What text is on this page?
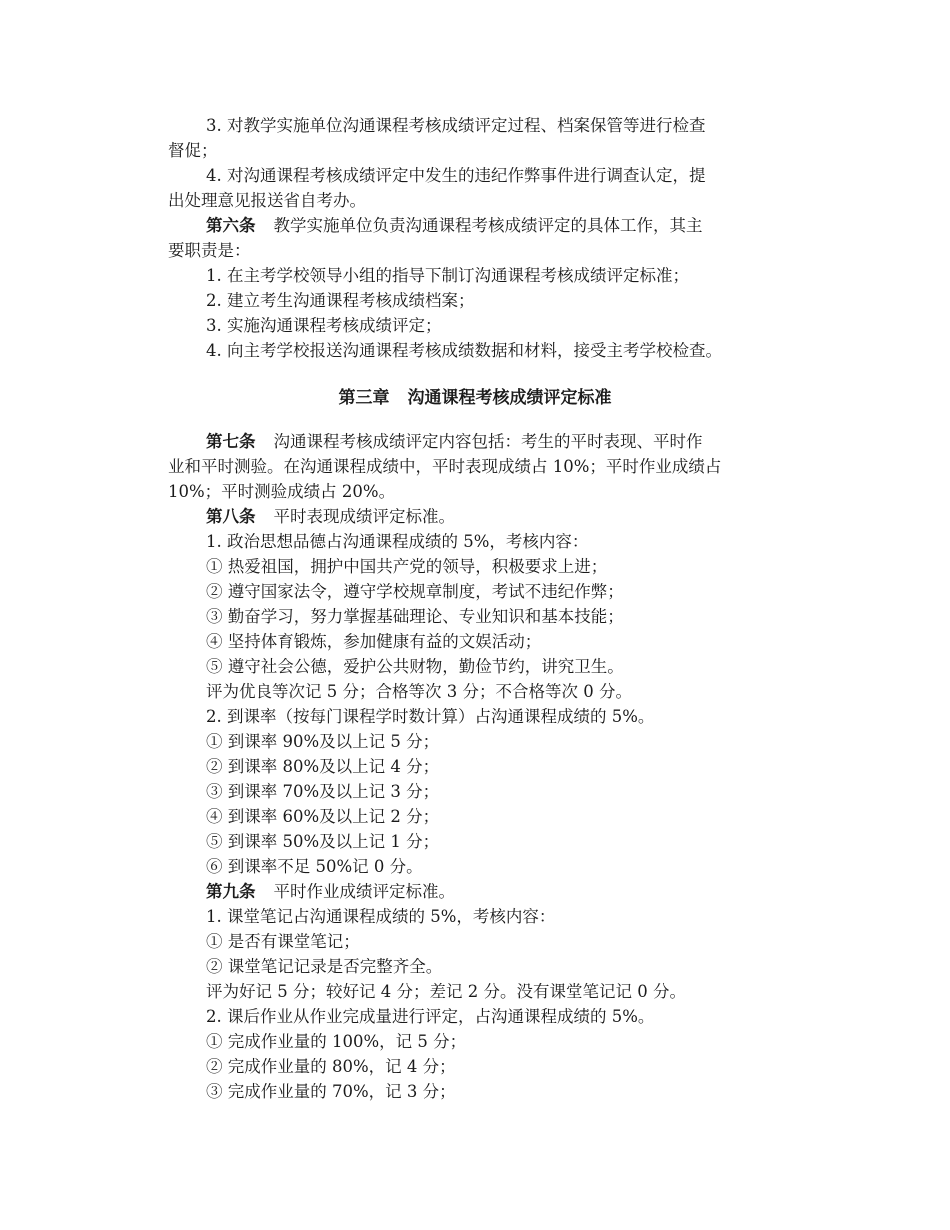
3. 对教学实施单位沟通课程考核成绩评定过程、档案保管等进行检查
督促；
4. 对沟通课程考核成绩评定中发生的违纪作弊事件进行调查认定，提
出处理意见报送省自考办。
第六条 教学实施单位负责沟通课程考核成绩评定的具体工作，其主
要职责是：
1. 在主考学校领导小组的指导下制订沟通课程考核成绩评定标准；
2. 建立考生沟通课程考核成绩档案；
3. 实施沟通课程考核成绩评定；
4. 向主考学校报送沟通课程考核成绩数据和材料，接受主考学校检查。
第三章 沟通课程考核成绩评定标准
第七条 沟通课程考核成绩评定内容包括：考生的平时表现、平时作
业和平时测验。在沟通课程成绩中，平时表现成绩占 10%；平时作业成绩占
10%；平时测验成绩占 20%。
第八条 平时表现成绩评定标准。
1. 政治思想品德占沟通课程成绩的 5%，考核内容：
① 热爱祖国，拥护中国共产党的领导，积极要求上进；
② 遵守国家法令，遵守学校规章制度，考试不违纪作弊；
③ 勤奋学习，努力掌握基础理论、专业知识和基本技能；
④ 坚持体育锻炼，参加健康有益的文娱活动；
⑤ 遵守社会公德，爱护公共财物，勤俭节约，讲究卫生。
评为优良等次记 5 分；合格等次 3 分；不合格等次 0 分。
2. 到课率（按每门课程学时数计算）占沟通课程成绩的 5%。
① 到课率 90%及以上记 5 分；
② 到课率 80%及以上记 4 分；
③ 到课率 70%及以上记 3 分；
④ 到课率 60%及以上记 2 分；
⑤ 到课率 50%及以上记 1 分；
⑥ 到课率不足 50%记 0 分。
第九条 平时作业成绩评定标准。
1. 课堂笔记占沟通课程成绩的 5%，考核内容：
① 是否有课堂笔记；
② 课堂笔记记录是否完整齐全。
评为好记 5 分；较好记 4 分；差记 2 分。没有课堂笔记记 0 分。
2. 课后作业从作业完成量进行评定，占沟通课程成绩的 5%。
① 完成作业量的 100%，记 5 分；
② 完成作业量的 80%，记 4 分；
③ 完成作业量的 70%，记 3 分；
